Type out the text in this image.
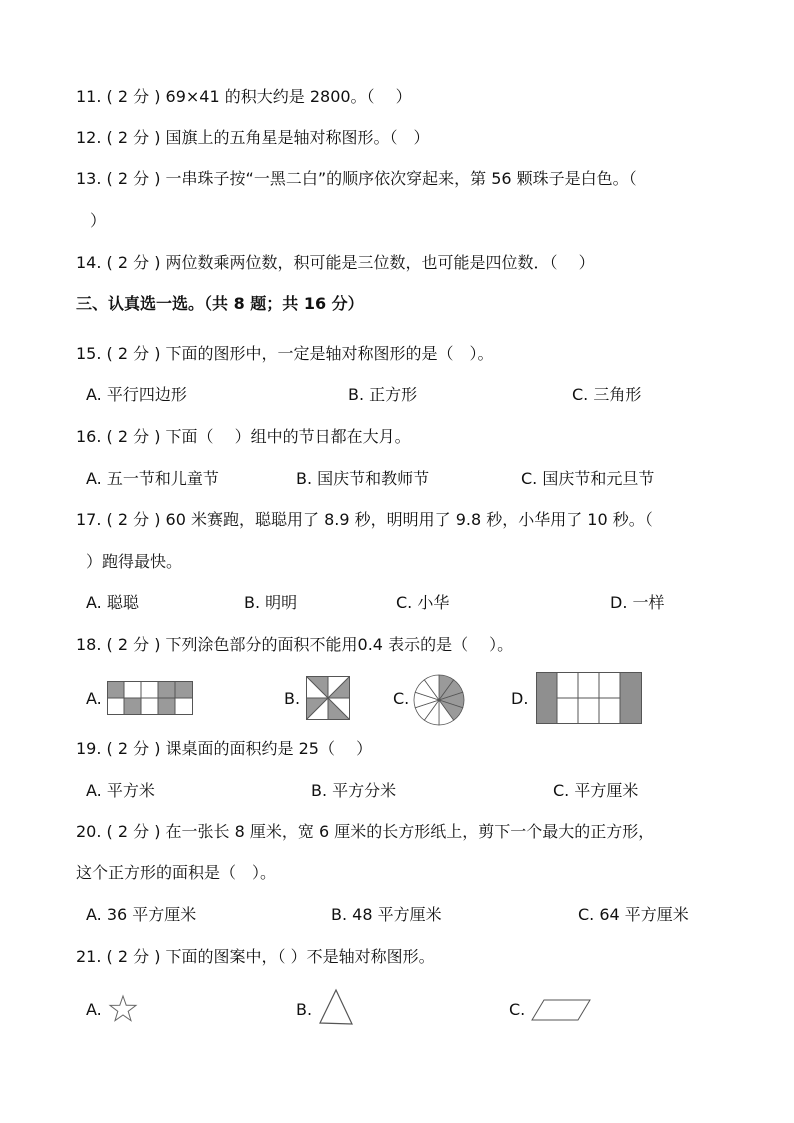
11. ( 2 分 ) 69×41 的积大约是 2800。（　 ）
12. ( 2 分 ) 国旗上的五角星是轴对称图形。（　）
13. ( 2 分 ) 一串珠子按“一黑二白”的顺序依次穿起来，第 56 颗珠子是白色。（
）
14. ( 2 分 ) 两位数乘两位数，积可能是三位数，也可能是四位数．（　 ）
三、认真选一选。（共 8 题；共 16 分）
15. ( 2 分 ) 下面的图形中，一定是轴对称图形的是（　）。
A. 平行四边形	B. 正方形	C. 三角形
16. ( 2 分 ) 下面（　 ）组中的节日都在大月。
A. 五一节和儿童节	B. 国庆节和教师节	C. 国庆节和元旦节
17. ( 2 分 ) 60 米赛跑，聪聪用了 8.9 秒，明明用了 9.8 秒，小华用了 10 秒。（
）跑得最快。
A. 聪聪	B. 明明	C. 小华	D. 一样
18. ( 2 分 ) 下列涂色部分的面积不能用0.4 表示的是（　 ）。
A.	B.	C.	D.
19. ( 2 分 ) 课桌面的面积约是 25（　 ）
A. 平方米	B. 平方分米	C. 平方厘米
20. ( 2 分 ) 在一张长 8 厘米，宽 6 厘米的长方形纸上，剪下一个最大的正方形，
这个正方形的面积是（　）。
A. 36 平方厘米	B. 48 平方厘米	C. 64 平方厘米
21. ( 2 分 ) 下面的图案中，（ ）不是轴对称图形。
A.	B.	C.
